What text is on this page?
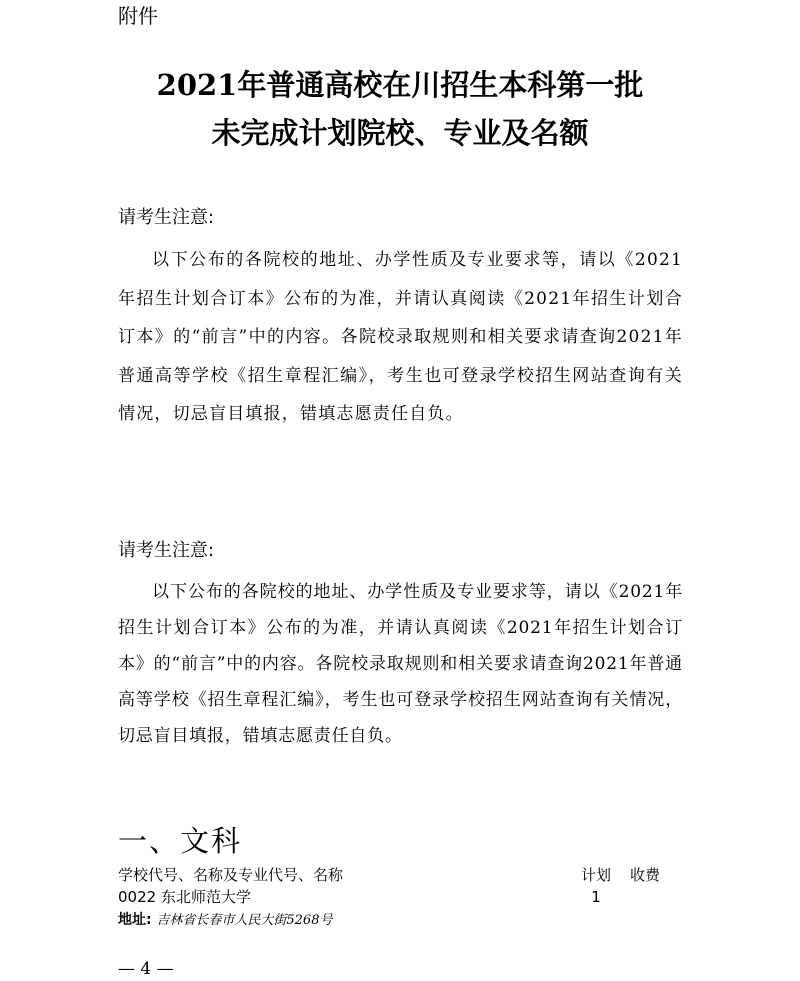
附件
2021年普通高校在川招生本科第一批
未完成计划院校、专业及名额
请考生注意:

以下公布的各院校的地址、办学性质及专业要求等，请以《2021年招生计划合订本》公布的为准，并请认真阅读《2021年招生计划合订本》的“前言”中的内容。各院校录取规则和相关要求请查询2021年普通高等学校《招生章程汇编》，考生也可登录学校招生网站查询有关情况，切忌盲目填报，错填志愿责任自负。

请考生注意:

以下公布的各院校的地址、办学性质及专业要求等，请以《2021年招生计划合订本》公布的为准，并请认真阅读《2021年招生计划合订本》的“前言”中的内容。各院校录取规则和相关要求请查询2021年普通高等学校《招生章程汇编》，考生也可登录学校招生网站查询有关情况，切忌盲目填报，错填志愿责任自负。

一、文科
学校代号、名称及专业代号、名称	计划 收费
0022 东北师范大学	1
地址: 吉林省长春市人民大街5268号
— 4 —
